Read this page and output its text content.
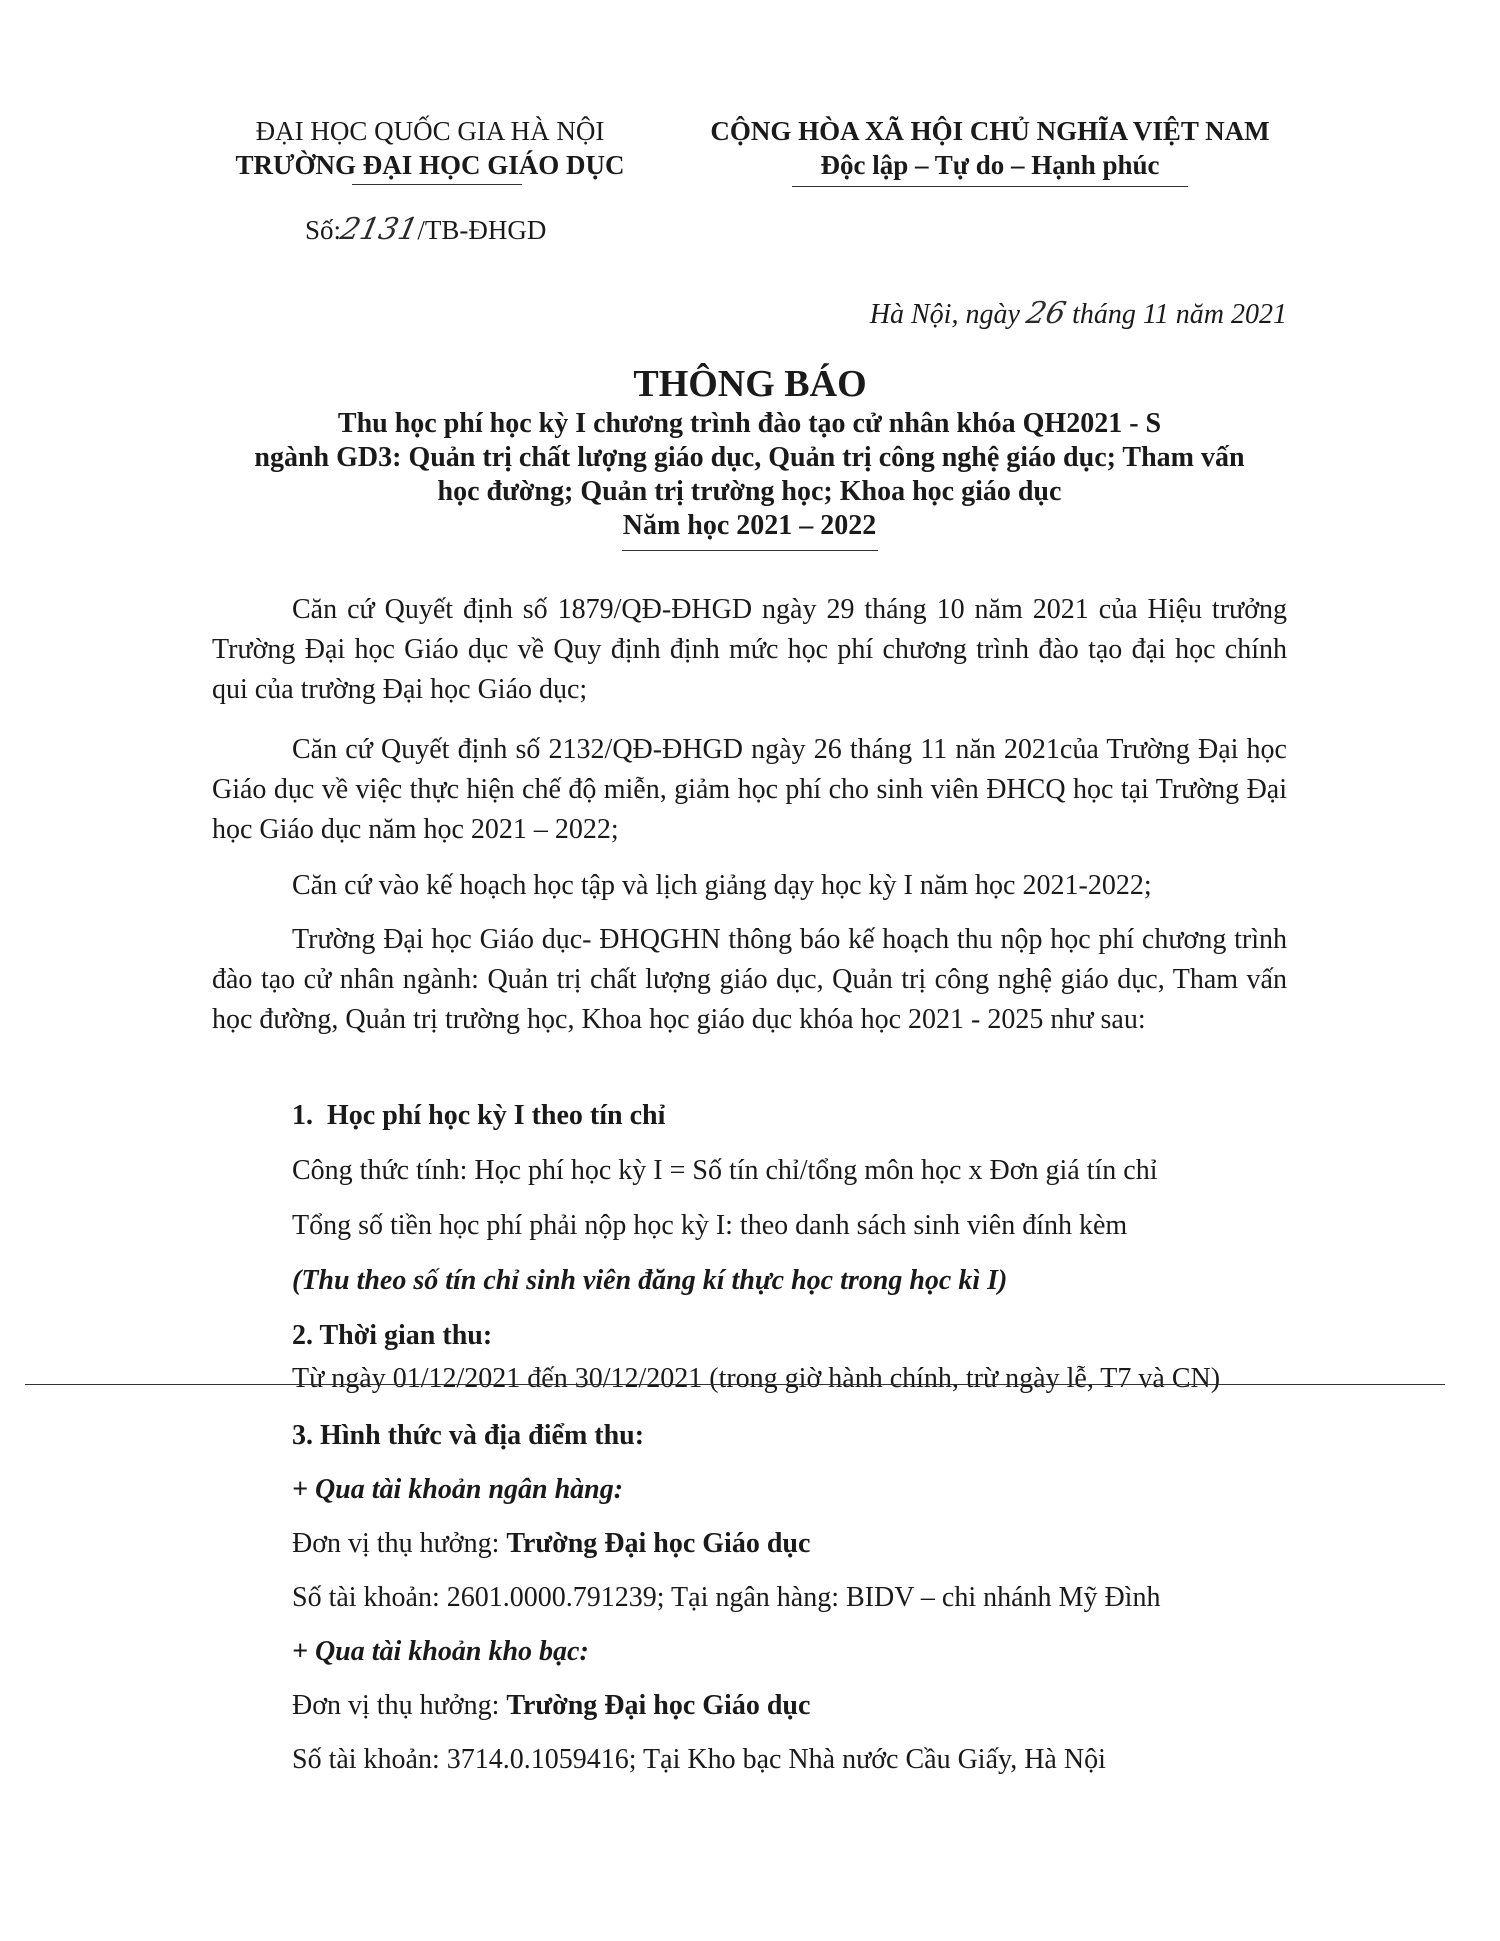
ĐẠI HỌC QUỐC GIA HÀ NỘI
TRƯỜNG ĐẠI HỌC GIÁO DỤC
Số:2131/TB-ĐHGD
CỘNG HÒA XÃ HỘI CHỦ NGHĨA VIỆT NAM
Độc lập – Tự do – Hạnh phúc
Hà Nội, ngày 26 tháng 11 năm 2021
THÔNG BÁO
Thu học phí học kỳ I chương trình đào tạo cử nhân khóa QH2021 - S
ngành GD3: Quản trị chất lượng giáo dục, Quản trị công nghệ giáo dục; Tham vấn
học đường; Quản trị trường học; Khoa học giáo dục
Năm học 2021 – 2022
Căn cứ Quyết định số 1879/QĐ-ĐHGD ngày 29 tháng 10 năm 2021 của Hiệu trưởng Trường Đại học Giáo dục về Quy định định mức học phí chương trình đào tạo đại học chính qui của trường Đại học Giáo dục;
Căn cứ Quyết định số 2132/QĐ-ĐHGD ngày 26 tháng 11 năn 2021của Trường Đại học Giáo dục về việc thực hiện chế độ miễn, giảm học phí cho sinh viên ĐHCQ học tại Trường Đại học Giáo dục năm học 2021 – 2022;
Căn cứ vào kế hoạch học tập và lịch giảng dạy học kỳ I năm học 2021-2022;
Trường Đại học Giáo dục- ĐHQGHN thông báo kế hoạch thu nộp học phí chương trình đào tạo cử nhân ngành: Quản trị chất lượng giáo dục, Quản trị công nghệ giáo dục, Tham vấn học đường, Quản trị trường học, Khoa học giáo dục khóa học 2021 - 2025 như sau:
1.  Học phí học kỳ I theo tín chỉ
Công thức tính: Học phí học kỳ I = Số tín chỉ/tổng môn học x Đơn giá tín chỉ
Tổng số tiền học phí phải nộp học kỳ I: theo danh sách sinh viên đính kèm
(Thu theo số tín chỉ sinh viên đăng kí thực học trong học kì I)
2. Thời gian thu:
Từ ngày 01/12/2021 đến 30/12/2021 (trong giờ hành chính, trừ ngày lễ, T7 và CN)
3. Hình thức và địa điểm thu:
+ Qua tài khoản ngân hàng:
Đơn vị thụ hưởng: Trường Đại học Giáo dục
Số tài khoản: 2601.0000.791239; Tại ngân hàng: BIDV – chi nhánh Mỹ Đình
+ Qua tài khoản kho bạc:
Đơn vị thụ hưởng: Trường Đại học Giáo dục
Số tài khoản: 3714.0.1059416; Tại Kho bạc Nhà nước Cầu Giấy, Hà Nội
